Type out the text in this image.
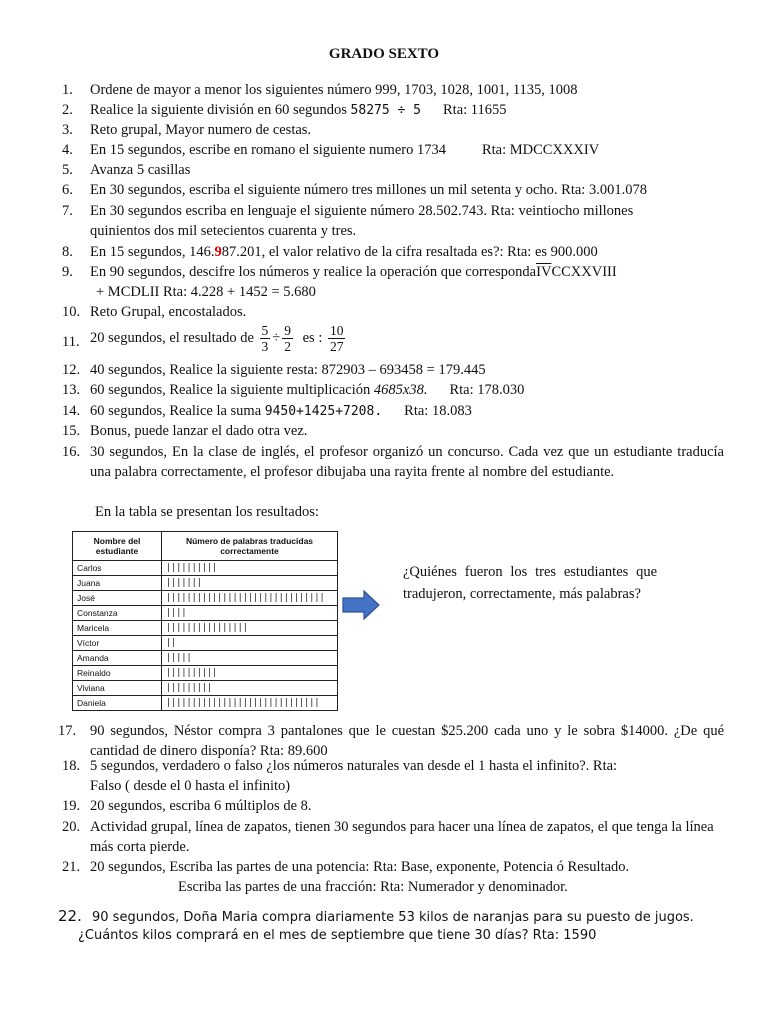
GRADO SEXTO
1.	Ordene de mayor a menor los siguientes número 999, 1703, 1028, 1001, 1135, 1008
2.	Realice la siguiente división en 60 segundos 58275 ÷ 5 Rta: 11655
3.	Reto grupal, Mayor numero de cestas.
4.	En 15 segundos, escribe en romano el siguiente numero 1734 Rta: MDCCXXXIV
5.	Avanza 5 casillas
6.	En 30 segundos, escriba el siguiente número tres millones un mil setenta y ocho. Rta: 3.001.078
7.	En 30 segundos escriba en lenguaje el siguiente número 28.502.743. Rta: veintiocho millones
quinientos dos mil setecientos cuarenta y tres.
8.	En 15 segundos, 146.987.201, el valor relativo de la cifra resaltada es?: Rta: es 900.000
9.	En 90 segundos, descifre los números y realice la operación que $corresponda\overline{IV}CCXXVIII$
+ MCDLII Rta: 4.228 + 1452 = 5.680
10. Reto Grupal, encostalados.
11. 20 segundos, el resultado de $\frac{5}{3} \div \frac{9}{2}$ es : $\frac{10}{27}$
12. 40 segundos, Realice la siguiente resta: 872903 – 693458 = 179.445
13. 60 segundos, Realice la siguiente multiplicación 4685x38. Rta: 178.030
14. 60 segundos, Realice la suma 9450+1425+7208. Rta: 18.083
15. Bonus, puede lanzar el dado otra vez.
16. 30 segundos, En la clase de inglés, el profesor organizó un concurso. Cada vez que un estudiante traducía una palabra correctamente, el profesor dibujaba una rayita frente al nombre del estudiante.
En la tabla se presentan los resultados:
Nombre del estudiante	Número de palabras traducidas correctamente
Carlos	||||||||||
Juana	|||||||
José	|||||||||||||||||||||||||||||||
Constanza	||||
Maricela	||||||||||||||||
Víctor	||
Amanda	|||||
Reinaldo	||||||||||
Viviana	|||||||||
Daniela	||||||||||||||||||||||||||||||
¿Quiénes fueron los tres estudiantes que tradujeron, correctamente, más palabras?
17. 90 segundos, Néstor compra 3 pantalones que le cuestan $25.200 cada uno y le sobra $14000. ¿De qué cantidad de dinero disponía? Rta: 89.600
18. 5 segundos, verdadero o falso ¿los números naturales van desde el 1 hasta el infinito?. Rta:
Falso ( desde el 0 hasta el infinito)
19. 20 segundos, escriba 6 múltiplos de 8.
20. Actividad grupal, línea de zapatos, tienen 30 segundos para hacer una línea de zapatos, el que tenga la línea más corta pierde.
21. 20 segundos, Escriba las partes de una potencia: Rta: Base, exponente, Potencia ó Resultado.
Escriba las partes de una fracción: Rta: Numerador y denominador.
22. 90 segundos, Doña Maria compra diariamente 53 kilos de naranjas para su puesto de jugos.
¿Cuántos kilos comprará en el mes de septiembre que tiene 30 días? Rta: 1590
